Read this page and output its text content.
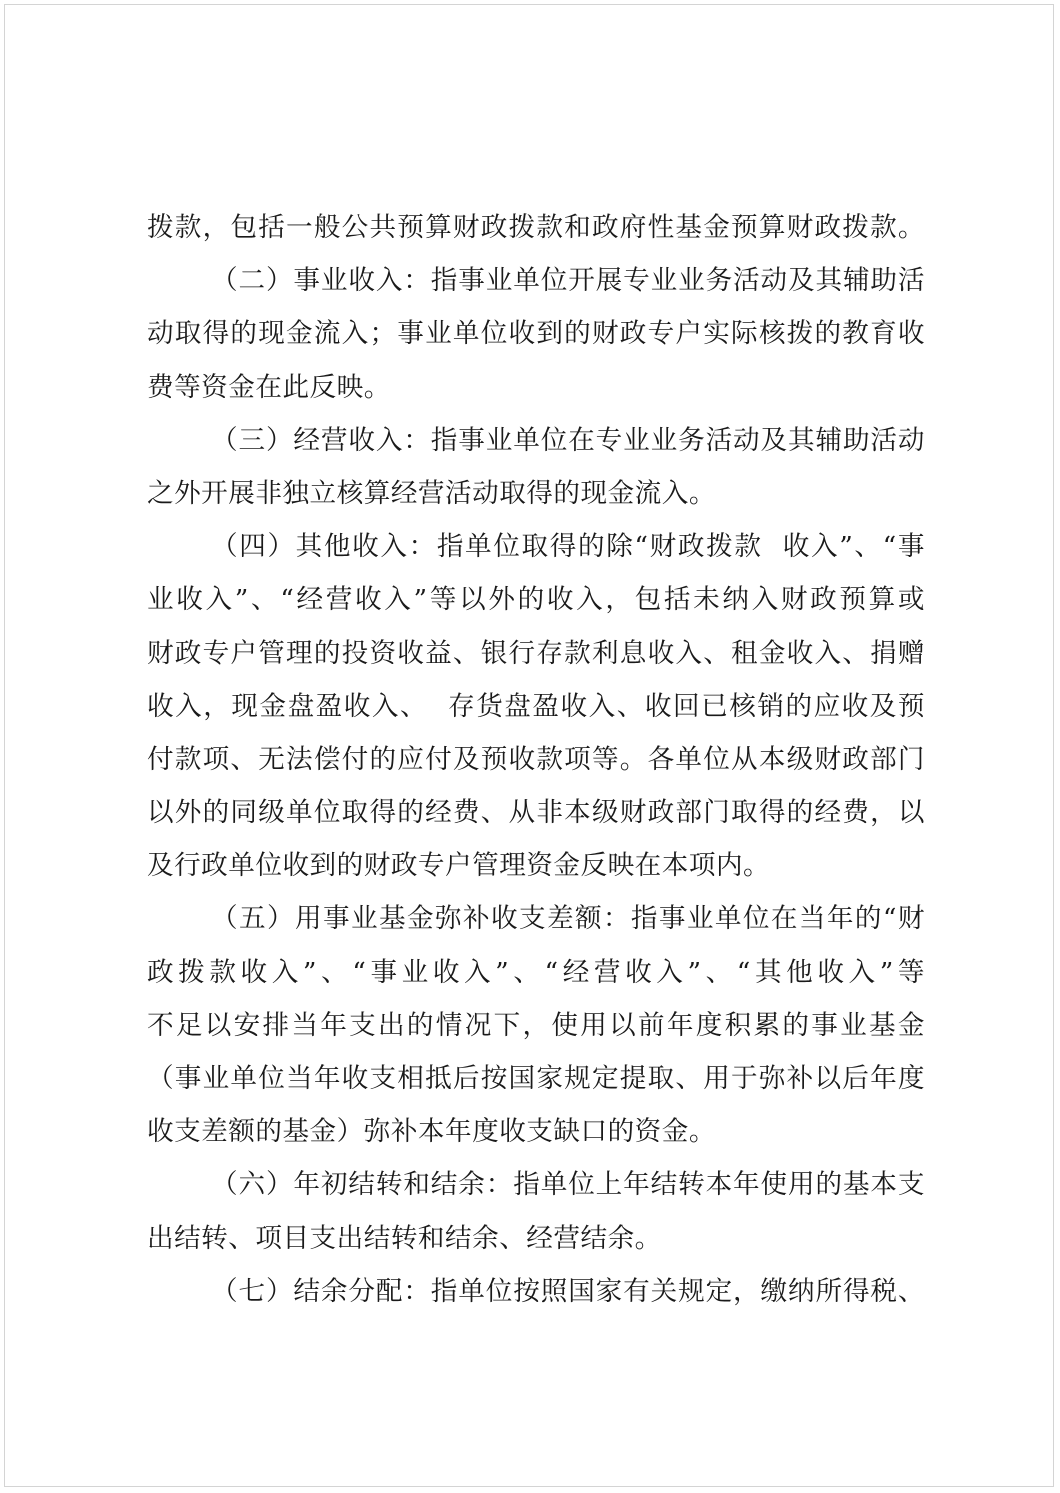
拨款，包括一般公共预算财政拨款和政府性基金预算财政拨款。
（二）事业收入：指事业单位开展专业业务活动及其辅助活
动取得的现金流入；事业单位收到的财政专户实际核拨的教育收
费等资金在此反映。
（三）经营收入：指事业单位在专业业务活动及其辅助活动
之外开展非独立核算经营活动取得的现金流入。
（四）其他收入：指单位取得的除“财政拨款  收入”、“事
业收入”、“经营收入”等以外的收入，包括未纳入财政预算或
财政专户管理的投资收益、银行存款利息收入、租金收入、捐赠
收入，现金盘盈收入、  存货盘盈收入、收回已核销的应收及预
付款项、无法偿付的应付及预收款项等。各单位从本级财政部门
以外的同级单位取得的经费、从非本级财政部门取得的经费，以
及行政单位收到的财政专户管理资金反映在本项内。
（五）用事业基金弥补收支差额：指事业单位在当年的“财
政拨款收入”、“事业收入”、“经营收入”、“其他收入”等
不足以安排当年支出的情况下，使用以前年度积累的事业基金
（事业单位当年收支相抵后按国家规定提取、用于弥补以后年度
收支差额的基金）弥补本年度收支缺口的资金。
（六）年初结转和结余：指单位上年结转本年使用的基本支
出结转、项目支出结转和结余、经营结余。
（七）结余分配：指单位按照国家有关规定，缴纳所得税、
